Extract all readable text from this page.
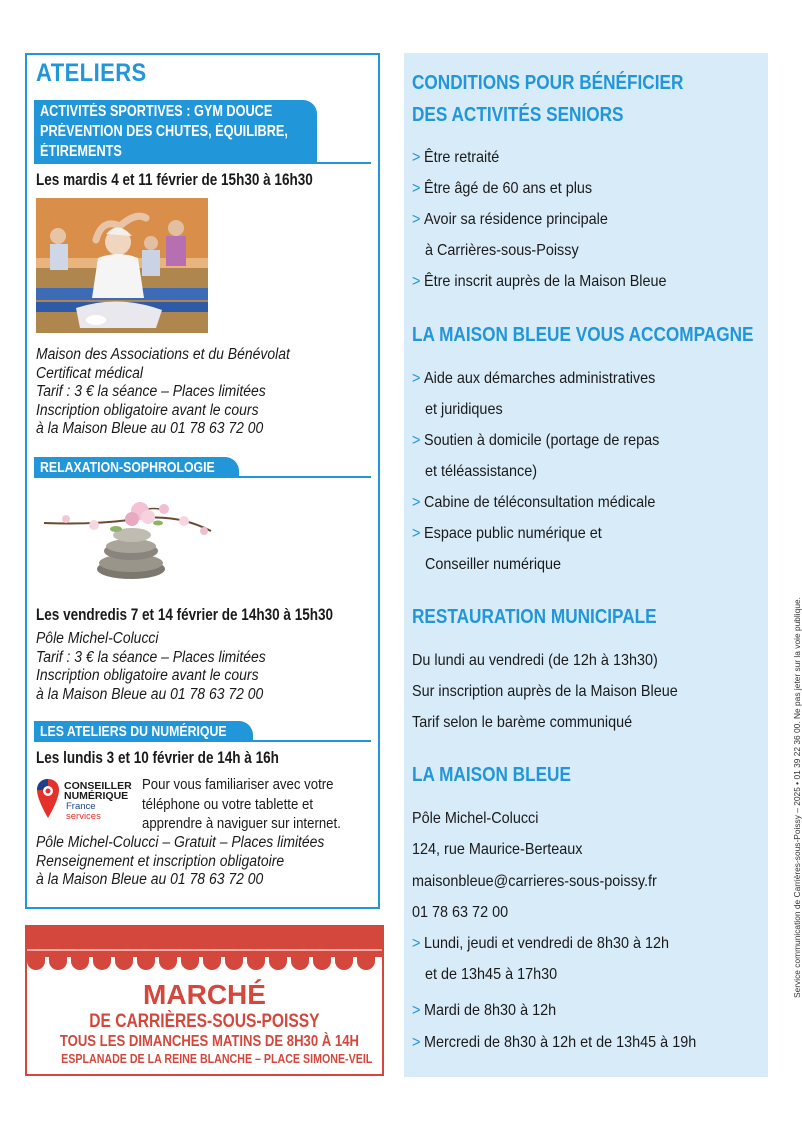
ATELIERS
ACTIVITÉS SPORTIVES : GYM DOUCE
PRÉVENTION DES CHUTES, ÉQUILIBRE,
ÉTIREMENTS
Les mardis 4 et 11 février de 15h30 à 16h30
Maison des Associations et du Bénévolat
Certificat médical
Tarif : 3 € la séance – Places limitées
Inscription obligatoire avant le cours
à la Maison Bleue au 01 78 63 72 00
RELAXATION-SOPHROLOGIE
Les vendredis 7 et 14 février de 14h30 à 15h30
Pôle Michel-Colucci
Tarif : 3 € la séance – Places limitées
Inscription obligatoire avant le cours
à la Maison Bleue au 01 78 63 72 00
LES ATELIERS DU NUMÉRIQUE
Les lundis 3 et 10 février de 14h à 16h
CONSEILLER
NUMÉRIQUE
France
services
Pour vous familiariser avec votre
téléphone ou votre tablette et
apprendre à naviguer sur internet.
Pôle Michel-Colucci – Gratuit – Places limitées
Renseignement et inscription obligatoire
à la Maison Bleue au 01 78 63 72 00
MARCHÉ
DE CARRIÈRES-SOUS-POISSY
TOUS LES DIMANCHES MATINS DE 8H30 À 14H
ESPLANADE DE LA REINE BLANCHE – PLACE SIMONE-VEIL
CONDITIONS POUR BÉNÉFICIER
DES ACTIVITÉS SENIORS
> Être retraité
> Être âgé de 60 ans et plus
> Avoir sa résidence principale
à Carrières-sous-Poissy
> Être inscrit auprès de la Maison Bleue
LA MAISON BLEUE VOUS ACCOMPAGNE
> Aide aux démarches administratives
et juridiques
> Soutien à domicile (portage de repas
et téléassistance)
> Cabine de téléconsultation médicale
> Espace public numérique et
Conseiller numérique
RESTAURATION MUNICIPALE
Du lundi au vendredi (de 12h à 13h30)
Sur inscription auprès de la Maison Bleue
Tarif selon le barème communiqué
LA MAISON BLEUE
Pôle Michel-Colucci
124, rue Maurice-Berteaux
maisonbleue@carrieres-sous-poissy.fr
01 78 63 72 00
> Lundi, jeudi et vendredi de 8h30 à 12h
et de 13h45 à 17h30
> Mardi de 8h30 à 12h
> Mercredi de 8h30 à 12h et de 13h45 à 19h
Service communication de Carrières-sous-Poissy – 2025 • 01 39 22 36 00. Ne pas jeter sur la voie publique.
